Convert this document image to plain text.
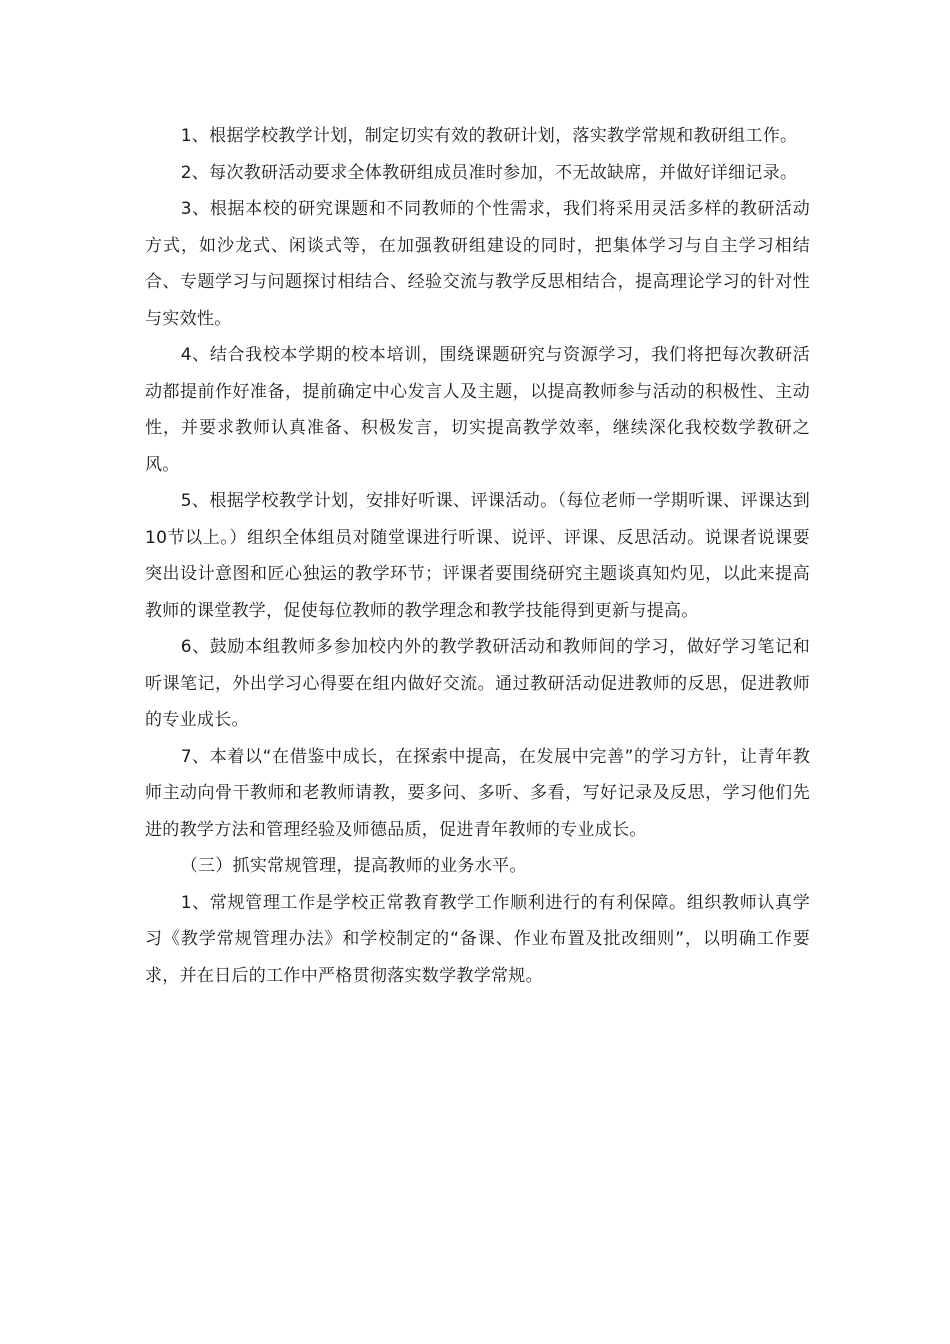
1、根据学校教学计划，制定切实有效的教研计划，落实教学常规和教研组工作。

2、每次教研活动要求全体教研组成员准时参加，不无故缺席，并做好详细记录。

3、根据本校的研究课题和不同教师的个性需求，我们将采用灵活多样的教研活动方式，如沙龙式、闲谈式等，在加强教研组建设的同时，把集体学习与自主学习相结合、专题学习与问题探讨相结合、经验交流与教学反思相结合，提高理论学习的针对性与实效性。

4、结合我校本学期的校本培训，围绕课题研究与资源学习，我们将把每次教研活动都提前作好准备，提前确定中心发言人及主题，以提高教师参与活动的积极性、主动性，并要求教师认真准备、积极发言，切实提高教学效率，继续深化我校数学教研之风。

5、根据学校教学计划，安排好听课、评课活动。（每位老师一学期听课、评课达到10节以上。）组织全体组员对随堂课进行听课、说评、评课、反思活动。说课者说课要突出设计意图和匠心独运的教学环节；评课者要围绕研究主题谈真知灼见，以此来提高教师的课堂教学，促使每位教师的教学理念和教学技能得到更新与提高。

6、鼓励本组教师多参加校内外的教学教研活动和教师间的学习，做好学习笔记和听课笔记，外出学习心得要在组内做好交流。通过教研活动促进教师的反思，促进教师的专业成长。

7、本着以“在借鉴中成长，在探索中提高，在发展中完善”的学习方针，让青年教师主动向骨干教师和老教师请教，要多问、多听、多看，写好记录及反思，学习他们先进的教学方法和管理经验及师德品质，促进青年教师的专业成长。

（三）抓实常规管理，提高教师的业务水平。

1、常规管理工作是学校正常教育教学工作顺利进行的有利保障。组织教师认真学习《教学常规管理办法》和学校制定的“备课、作业布置及批改细则”，以明确工作要求，并在日后的工作中严格贯彻落实数学教学常规。
